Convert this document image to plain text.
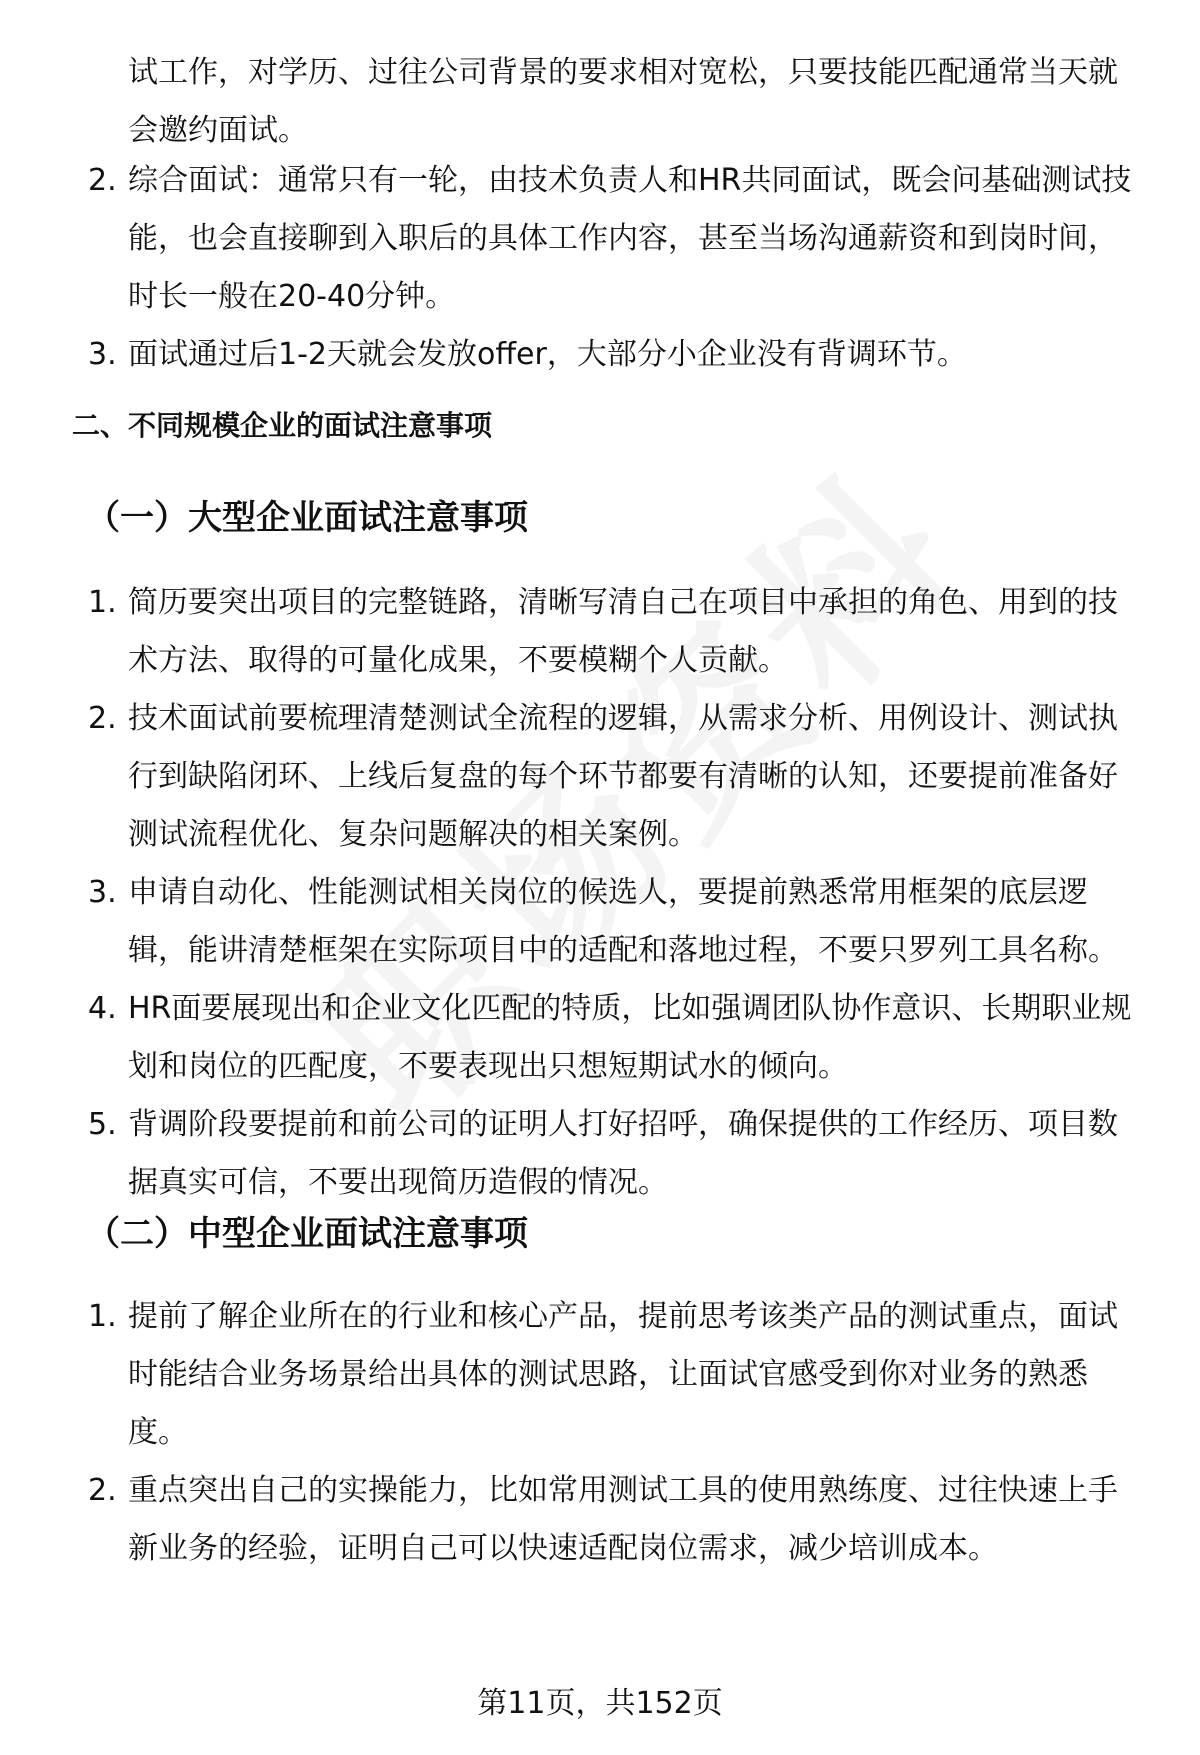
试工作，对学历、过往公司背景的要求相对宽松，只要技能匹配通常当天就会邀约面试。
2. 综合面试：通常只有一轮，由技术负责人和HR共同面试，既会问基础测试技能，也会直接聊到入职后的具体工作内容，甚至当场沟通薪资和到岗时间，时长一般在20-40分钟。
3. 面试通过后1-2天就会发放offer，大部分小企业没有背调环节。
二、不同规模企业的面试注意事项
（一）大型企业面试注意事项
1. 简历要突出项目的完整链路，清晰写清自己在项目中承担的角色、用到的技术方法、取得的可量化成果，不要模糊个人贡献。
2. 技术面试前要梳理清楚测试全流程的逻辑，从需求分析、用例设计、测试执行到缺陷闭环、上线后复盘的每个环节都要有清晰的认知，还要提前准备好测试流程优化、复杂问题解决的相关案例。
3. 申请自动化、性能测试相关岗位的候选人，要提前熟悉常用框架的底层逻辑，能讲清楚框架在实际项目中的适配和落地过程，不要只罗列工具名称。
4. HR面要展现出和企业文化匹配的特质，比如强调团队协作意识、长期职业规划和岗位的匹配度，不要表现出只想短期试水的倾向。
5. 背调阶段要提前和前公司的证明人打好招呼，确保提供的工作经历、项目数据真实可信，不要出现简历造假的情况。
（二）中型企业面试注意事项
1. 提前了解企业所在的行业和核心产品，提前思考该类产品的测试重点，面试时能结合业务场景给出具体的测试思路，让面试官感受到你对业务的熟悉度。
2. 重点突出自己的实操能力，比如常用测试工具的使用熟练度、过往快速上手新业务的经验，证明自己可以快速适配岗位需求，减少培训成本。
第11页，共152页
